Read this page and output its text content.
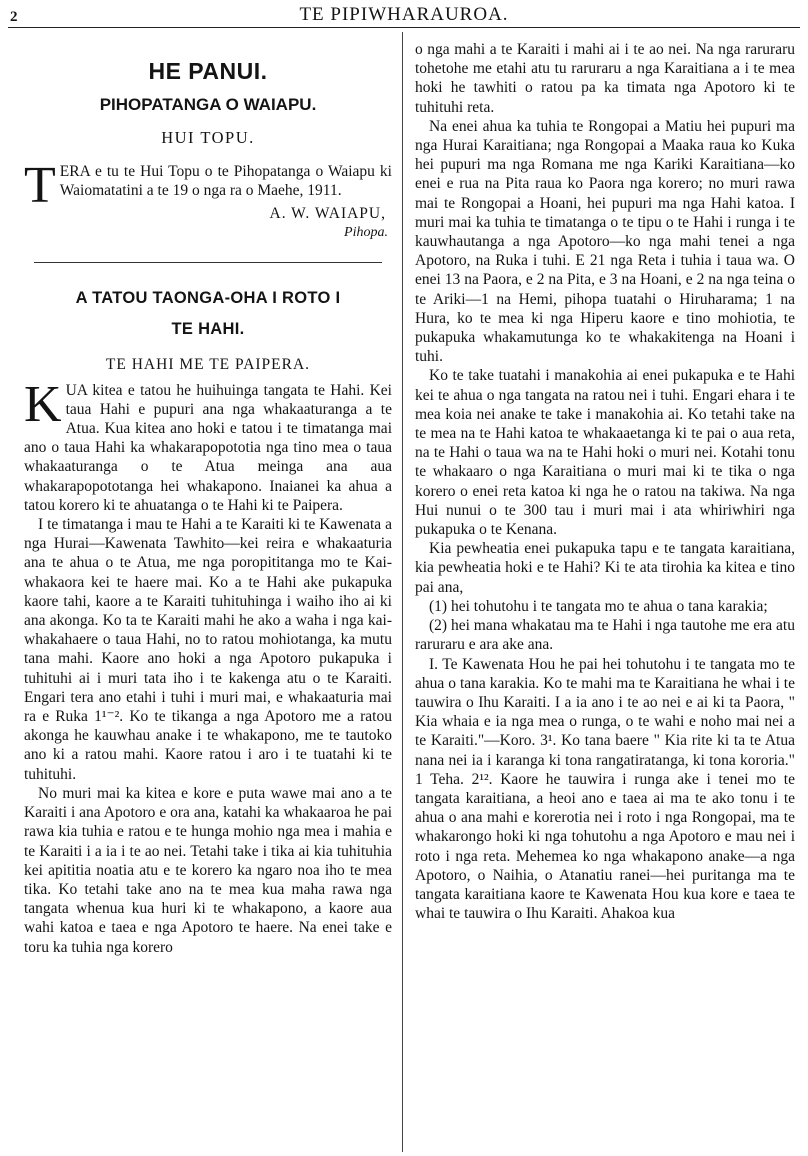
2	TE PIPIWHARAUROA.
HE PANUI.
PIHOPATANGA O WAIAPU.
HUI TOPU.

TERA e tu te Hui Topu o te Pihopatanga o Waiapu ki Waiomatatini a te 19 o nga ra o Maehe, 1911.

A. W. WAIAPU,
Pihopa.
A TATOU TAONGA-OHA I ROTO I
TE HAHI.
TE HAHI ME TE PAIPERA.

KUA kitea e tatou he huihuinga tangata te Hahi. Kei taua Hahi e pupuri ana nga whakaaturanga a te Atua. Kua kitea ano hoki e tatou i te timatanga mai ano o taua Hahi ka whakarapopototia nga tino mea o taua whakaaturanga o te Atua meinga ana aua whakarapopototanga hei whakapono. Inaianei ka ahua a tatou korero ki te ahuatanga o te Hahi ki te Paipera.

I te timatanga i mau te Hahi a te Karaiti ki te Kawenata a nga Hurai—Kawenata Tawhito—kei reira e whakaaturia ana te ahua o te Atua, me nga poropititanga mo te Kai-whakaora kei te haere mai. Ko a te Hahi ake pukapuka kaore tahi, kaore a te Karaiti tuhituhinga i waiho iho ai ki ana akonga. Ko ta te Karaiti mahi he ako a waha i nga kai-whakahaere o taua Hahi, no to ratou mohiotanga, ka mutu tana mahi. Kaore ano hoki a nga Apotoro pukapuka i tuhituhi ai i muri tata iho i te kakenga atu o te Karaiti. Engari tera ano etahi i tuhi i muri mai, e whakaaturia mai ra e Ruka 1¹⁻². Ko te tikanga a nga Apotoro me a ratou akonga he kauwhau anake i te whakapono, me te tautoko ano ki a ratou mahi. Kaore ratou i aro i te tuatahi ki te tuhituhi.

No muri mai ka kitea e kore e puta wawe mai ano a te Karaiti i ana Apotoro e ora ana, katahi ka whakaaroa he pai rawa kia tuhia e ratou e te hunga mohio nga mea i mahia e te Karaiti i a ia i te ao nei. Tetahi take i tika ai kia tuhituhia kei apititia noatia atu e te korero ka ngaro noa iho te mea tika. Ko tetahi take ano na te mea kua maha rawa nga tangata whenua kua huri ki te whakapono, a kaore aua wahi katoa e taea e nga Apotoro te haere. Na enei take e toru ka tuhia nga korero

o nga mahi a te Karaiti i mahi ai i te ao nei. Na nga raruraru tohetohe me etahi atu tu raruraru a nga Karaitiana a i te mea hoki he tawhiti o ratou pa ka timata nga Apotoro ki te tuhituhi reta.

Na enei ahua ka tuhia te Rongopai a Matiu hei pupuri ma nga Hurai Karaitiana; nga Rongopai a Maaka raua ko Kuka hei pupuri ma nga Romana me nga Kariki Karaitiana—ko enei e rua na Pita raua ko Paora nga korero; no muri rawa mai te Rongopai a Hoani, hei pupuri ma nga Hahi katoa. I muri mai ka tuhia te timatanga o te tipu o te Hahi i runga i te kauwhautanga a nga Apotoro—ko nga mahi tenei a nga Apotoro, na Ruka i tuhi. E 21 nga Reta i tuhia i taua wa. O enei 13 na Paora, e 2 na Pita, e 3 na Hoani, e 2 na nga teina o te Ariki—1 na Hemi, pihopa tuatahi o Hiruharama; 1 na Hura, ko te mea ki nga Hiperu kaore e tino mohiotia, te pukapuka whakamutunga ko te whakakitenga na Hoani i tuhi.

Ko te take tuatahi i manakohia ai enei pukapuka e te Hahi kei te ahua o nga tangata na ratou nei i tuhi. Engari ehara i te mea koia nei anake te take i manakohia ai. Ko tetahi take na te mea na te Hahi katoa te whakaaetanga ki te pai o aua reta, na te Hahi o taua wa na te Hahi hoki o muri nei. Kotahi tonu te whakaaro o nga Karaitiana o muri mai ki te tika o nga korero o enei reta katoa ki nga he o ratou na takiwa. Na nga Hui nunui o te 300 tau i muri mai i ata whiriwhiri nga pukapuka o te Kenana.

Kia pewheatia enei pukapuka tapu e te tangata karaitiana, kia pewheatia hoki e te Hahi? Ki te ata tirohia ka kitea e tino pai ana,

(1) hei tohutohu i te tangata mo te ahua o tana karakia;

(2) hei mana whakatau ma te Hahi i nga tautohe me era atu raruraru e ara ake ana.

I. Te Kawenata Hou he pai hei tohutohu i te tangata mo te ahua o tana karakia. Ko te mahi ma te Karaitiana he whai i te tauwira o Ihu Karaiti. I a ia ano i te ao nei e ai ki ta Paora, " Kia whaia e ia nga mea o runga, o te wahi e noho mai nei a te Karaiti."—Koro. 3¹. Ko tana baere " Kia rite ki ta te Atua nana nei ia i karanga ki tona rangatiratanga, ki tona kororia." 1 Teha. 2¹². Kaore he tauwira i runga ake i tenei mo te tangata karaitiana, a heoi ano e taea ai ma te ako tonu i te ahua o ana mahi e korerotia nei i roto i nga Rongopai, ma te whakarongo hoki ki nga tohutohu a nga Apotoro e mau nei i roto i nga reta. Mehemea ko nga whakapono anake—a nga Apotoro, o Naihia, o Atanatiu ranei—hei puritanga ma te tangata karaitiana kaore te Kawenata Hou kua kore e taea te whai te tauwira o Ihu Karaiti. Ahakoa kua
